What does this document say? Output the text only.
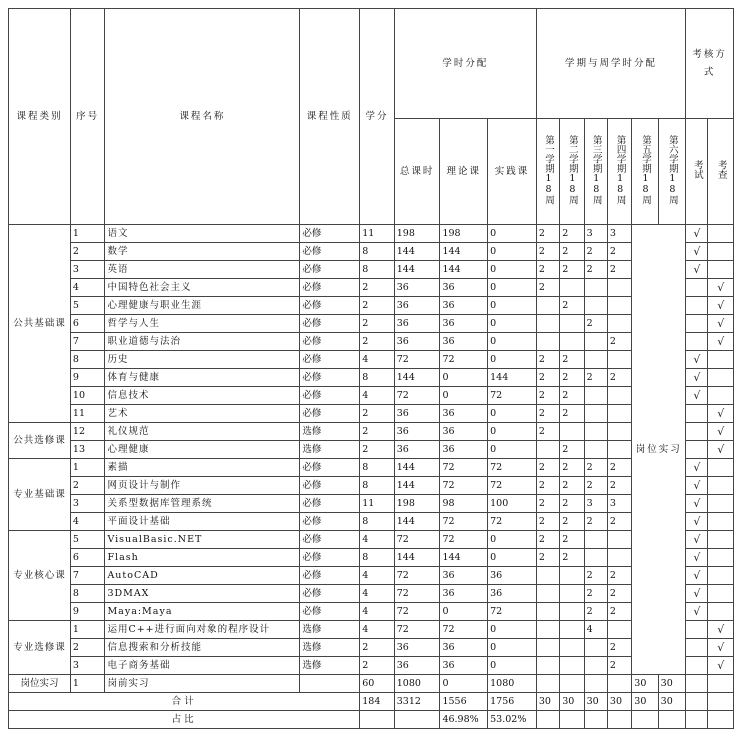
课程类别	序号	课程名称	课程性质	学分	学时分配			学期与周学时分配						考核方式	
					总课时	理论课	实践课	第一学期18周	第二学期18周	第三学期18周	第四学期18周	第五学期18周	第六学期18周	考试	考查
公共基础课	1	语文	必修	11	198	198	0	2	2	3	3	岗位实习		√	
	2	数学	必修	8	144	144	0	2	2	2	2			√	
	3	英语	必修	8	144	144	0	2	2	2	2			√	
	4	中国特色社会主义	必修	2	36	36	0	2							√
	5	心理健康与职业生涯	必修	2	36	36	0		2						√
	6	哲学与人生	必修	2	36	36	0			2					√
	7	职业道德与法治	必修	2	36	36	0				2				√
	8	历史	必修	4	72	72	0	2	2					√	
	9	体育与健康	必修	8	144	0	144	2	2	2	2			√	
	10	信息技术	必修	4	72	0	72	2	2					√	
	11	艺术	必修	2	36	36	0	2	2						√
公共选修课	12	礼仪规范	选修	2	36	36	0	2							√
	13	心理健康	选修	2	36	36	0		2						√
专业基础课	1	素描	必修	8	144	72	72	2	2	2	2			√	
	2	网页设计与制作	必修	8	144	72	72	2	2	2	2			√	
	3	关系型数据库管理系统	必修	11	198	98	100	2	2	3	3			√	
	4	平面设计基础	必修	8	144	72	72	2	2	2	2			√	
专业核心课	5	VisualBasic.NET	必修	4	72	72	0	2	2					√	
	6	Flash	必修	8	144	144	0	2	2					√	
	7	AutoCAD	必修	4	72	36	36			2	2			√	
	8	3DMAX	必修	4	72	36	36			2	2			√	
	9	Maya:Maya	必修	4	72	0	72			2	2			√	
专业选修课	1	运用C++进行面向对象的程序设计	选修	4	72	72	0			4					√
	2	信息搜索和分析技能	选修	2	36	36	0				2				√
	3	电子商务基础	选修	2	36	36	0				2				√
岗位实习	1	岗前实习		60	1080	0	1080					30	30		
合计				184	3312	1556	1756	30	30	30	30	30	30		
占比						46.98%	53.02%								
